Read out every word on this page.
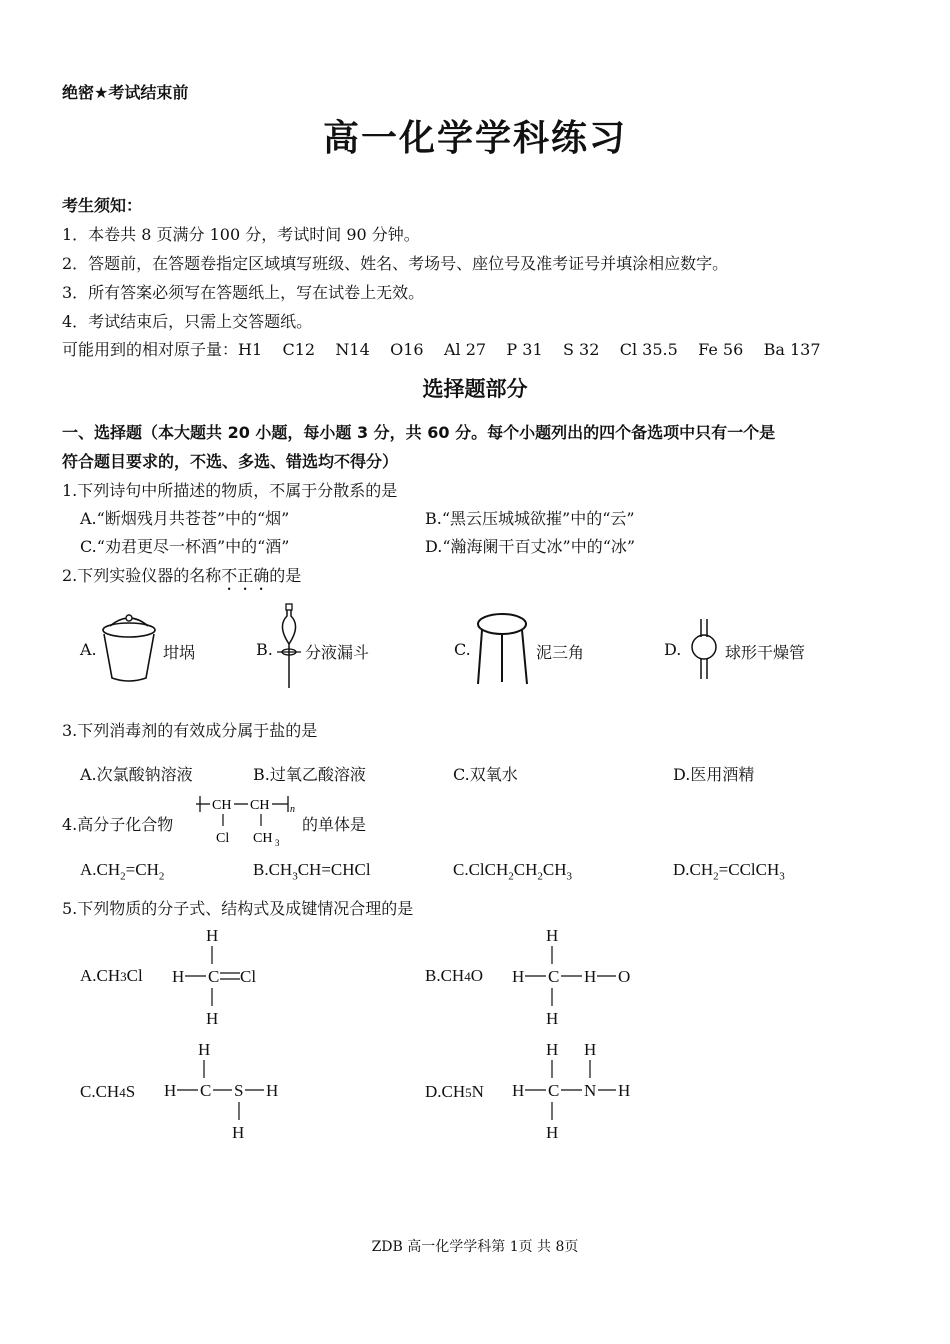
绝密★考试结束前
高一化学学科练习
考生须知：
1．本卷共 8 页满分 100 分，考试时间 90 分钟。
2．答题前，在答题卷指定区域填写班级、姓名、考场号、座位号及准考证号并填涂相应数字。
3．所有答案必须写在答题纸上，写在试卷上无效。
4．考试结束后，只需上交答题纸。
可能用到的相对原子量：H1    C12    N14    O16    Al 27    P 31    S 32    Cl 35.5    Fe 56    Ba 137
选择题部分
一、选择题（本大题共 20 小题，每小题 3 分，共 60 分。每个小题列出的四个备选项中只有一个是
符合题目要求的，不选、多选、错选均不得分）
1.下列诗句中所描述的物质，不属于分散系的是
A.“断烟残月共苍苍”中的“烟”	B.“黑云压城城欲摧”中的“云”
C.“劝君更尽一杯酒”中的“酒”	D.“瀚海阑干百丈冰”中的“冰”
2.下列实验仪器的名称不正确的是
A.	坩埚	B. 分液漏斗	C.	泥三角	D.	球形干燥管
3.下列消毒剂的有效成分属于盐的是
A.次氯酸钠溶液	B.过氧乙酸溶液	C.双氧水	D.医用酒精
4.高分子化合物
CH CH n
Cl CH 3
的单体是
$A.CH_2=CH_2$	$B.CH_3CH=CHCl$	$C.ClCH_2CH_2CH_3$	$D.CH_2=CClCH_3$
5.下列物质的分子式、结构式及成键情况合理的是
A.CH3Cl
H
H C Cl
H
B.CH4O
H
H C H O
H
C.CH4S
H
H C S H
H
D.CH5N
H H
H C N H
H
ZDB 高一化学学科第 1页 共 8页
